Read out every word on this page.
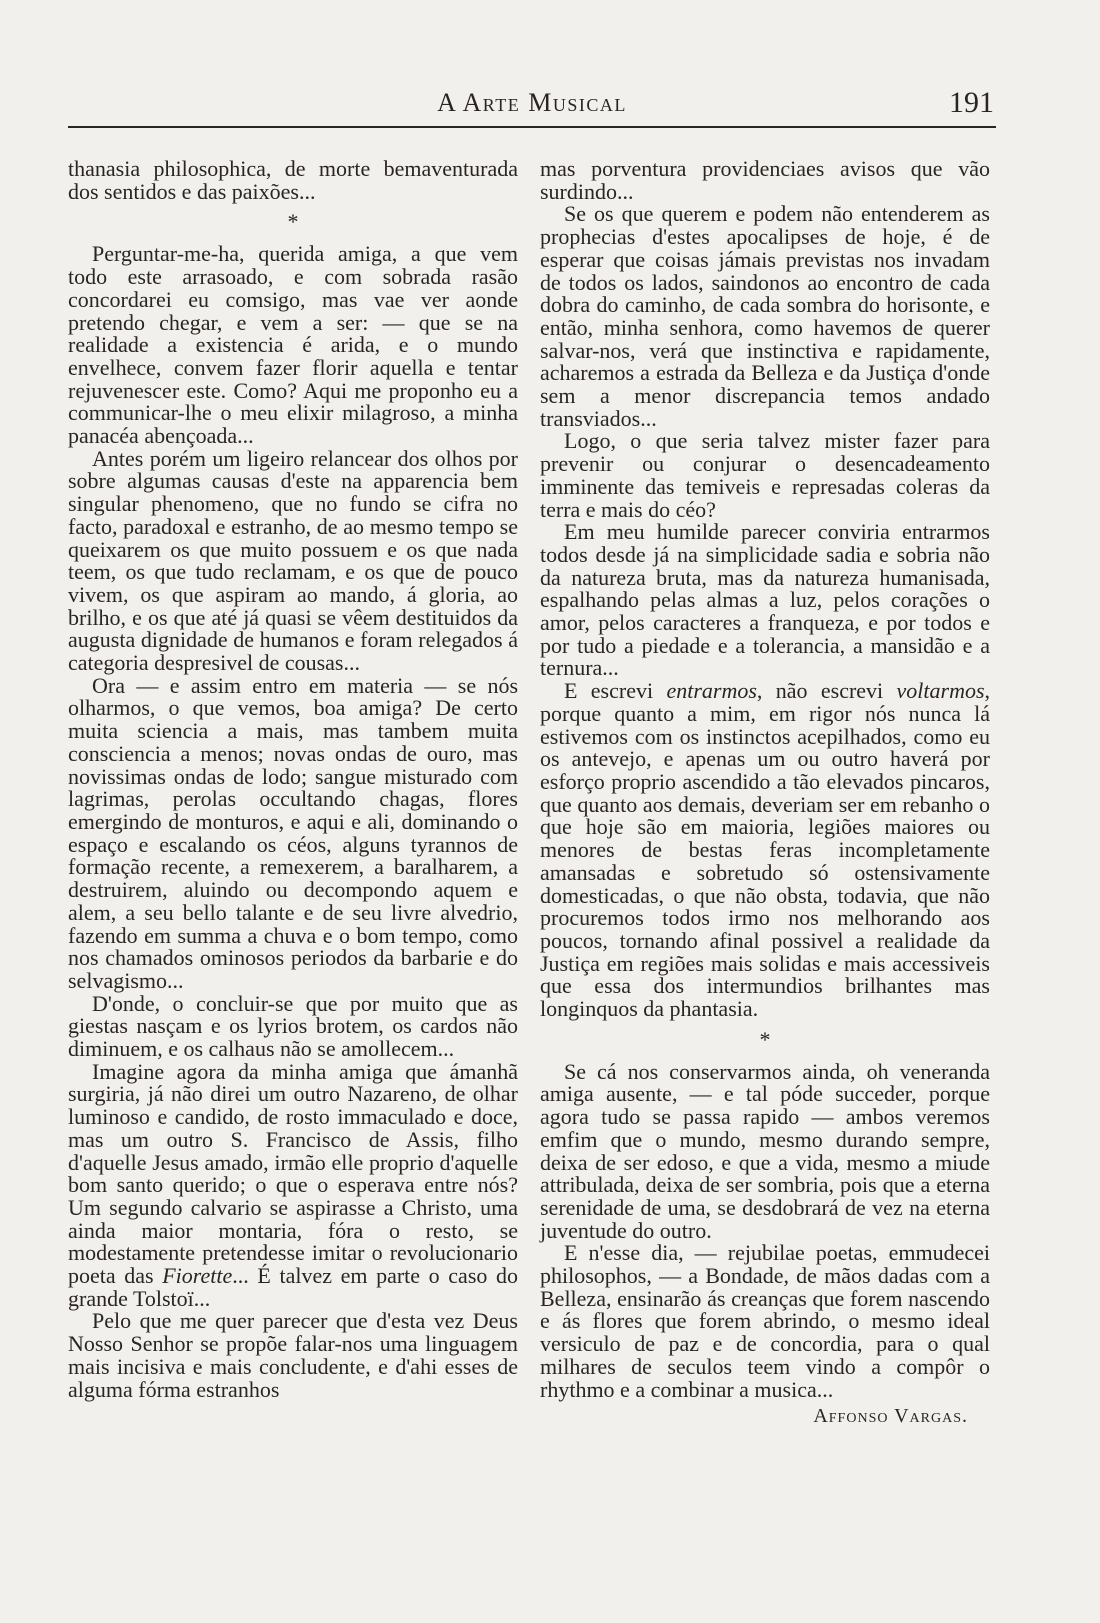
A Arte Musical	191

thanasia philosophica, de morte bemaventurada dos sentidos e das paixões...

*

Perguntar-me-ha, querida amiga, a que vem todo este arrasoado, e com sobrada rasão concordarei eu comsigo, mas vae ver aonde pretendo chegar, e vem a ser: — que se na realidade a existencia é arida, e o mundo envelhece, convem fazer florir aquella e tentar rejuvenescer este. Como? Aqui me proponho eu a communicar-lhe o meu elixir milagroso, a minha panacéa abençoada...

Antes porém um ligeiro relancear dos olhos por sobre algumas causas d'este na apparencia bem singular phenomeno, que no fundo se cifra no facto, paradoxal e estranho, de ao mesmo tempo se queixarem os que muito possuem e os que nada teem, os que tudo reclamam, e os que de pouco vivem, os que aspiram ao mando, á gloria, ao brilho, e os que até já quasi se vêem destituidos da augusta dignidade de humanos e foram relegados á categoria despresivel de cousas...

Ora — e assim entro em materia — se nós olharmos, o que vemos, boa amiga? De certo muita sciencia a mais, mas tambem muita consciencia a menos; novas ondas de ouro, mas novissimas ondas de lodo; sangue misturado com lagrimas, perolas occultando chagas, flores emergindo de monturos, e aqui e ali, dominando o espaço e escalando os céos, alguns tyrannos de formação recente, a remexerem, a baralharem, a destruirem, aluindo ou decompondo aquem e alem, a seu bello talante e de seu livre alvedrio, fazendo em summa a chuva e o bom tempo, como nos chamados ominosos periodos da barbarie e do selvagismo...

D'onde, o concluir-se que por muito que as giestas nasçam e os lyrios brotem, os cardos não diminuem, e os calhaus não se amollecem...

Imagine agora da minha amiga que ámanhã surgiria, já não direi um outro Nazareno, de olhar luminoso e candido, de rosto immaculado e doce, mas um outro S. Francisco de Assis, filho d'aquelle Jesus amado, irmão elle proprio d'aquelle bom santo querido; o que o esperava entre nós? Um segundo calvario se aspirasse a Christo, uma ainda maior montaria, fóra o resto, se modestamente pretendesse imitar o revolucionario poeta das Fiorette... É talvez em parte o caso do grande Tolstoï...

Pelo que me quer parecer que d'esta vez Deus Nosso Senhor se propõe falar-nos uma linguagem mais incisiva e mais concludente, e d'ahi esses de alguma fórma estranhos

mas porventura providenciaes avisos que vão surdindo...

Se os que querem e podem não entenderem as prophecias d'estes apocalipses de hoje, é de esperar que coisas jámais previstas nos invadam de todos os lados, saindonos ao encontro de cada dobra do caminho, de cada sombra do horisonte, e então, minha senhora, como havemos de querer salvar-nos, verá que instinctiva e rapidamente, acharemos a estrada da Belleza e da Justiça d'onde sem a menor discrepancia temos andado transviados...

Logo, o que seria talvez mister fazer para prevenir ou conjurar o desencadeamento imminente das temiveis e represadas coleras da terra e mais do céo?

Em meu humilde parecer conviria entrarmos todos desde já na simplicidade sadia e sobria não da natureza bruta, mas da natureza humanisada, espalhando pelas almas a luz, pelos corações o amor, pelos caracteres a franqueza, e por todos e por tudo a piedade e a tolerancia, a mansidão e a ternura...

E escrevi entrarmos, não escrevi voltarmos, porque quanto a mim, em rigor nós nunca lá estivemos com os instinctos acepilhados, como eu os antevejo, e apenas um ou outro haverá por esforço proprio ascendido a tão elevados pincaros, que quanto aos demais, deveriam ser em rebanho o que hoje são em maioria, legiões maiores ou menores de bestas feras incompletamente amansadas e sobretudo só ostensivamente domesticadas, o que não obsta, todavia, que não procuremos todos irmo nos melhorando aos poucos, tornando afinal possivel a realidade da Justiça em regiões mais solidas e mais accessiveis que essa dos intermundios brilhantes mas longinquos da phantasia.

*

Se cá nos conservarmos ainda, oh veneranda amiga ausente, — e tal póde succeder, porque agora tudo se passa rapido — ambos veremos emfim que o mundo, mesmo durando sempre, deixa de ser edoso, e que a vida, mesmo a miude attribulada, deixa de ser sombria, pois que a eterna serenidade de uma, se desdobrará de vez na eterna juventude do outro.

E n'esse dia, — rejubilae poetas, emmudecei philosophos, — a Bondade, de mãos dadas com a Belleza, ensinarão ás creanças que forem nascendo e ás flores que forem abrindo, o mesmo ideal versiculo de paz e de concordia, para o qual milhares de seculos teem vindo a compôr o rhythmo e a combinar a musica...

Affonso Vargas.
